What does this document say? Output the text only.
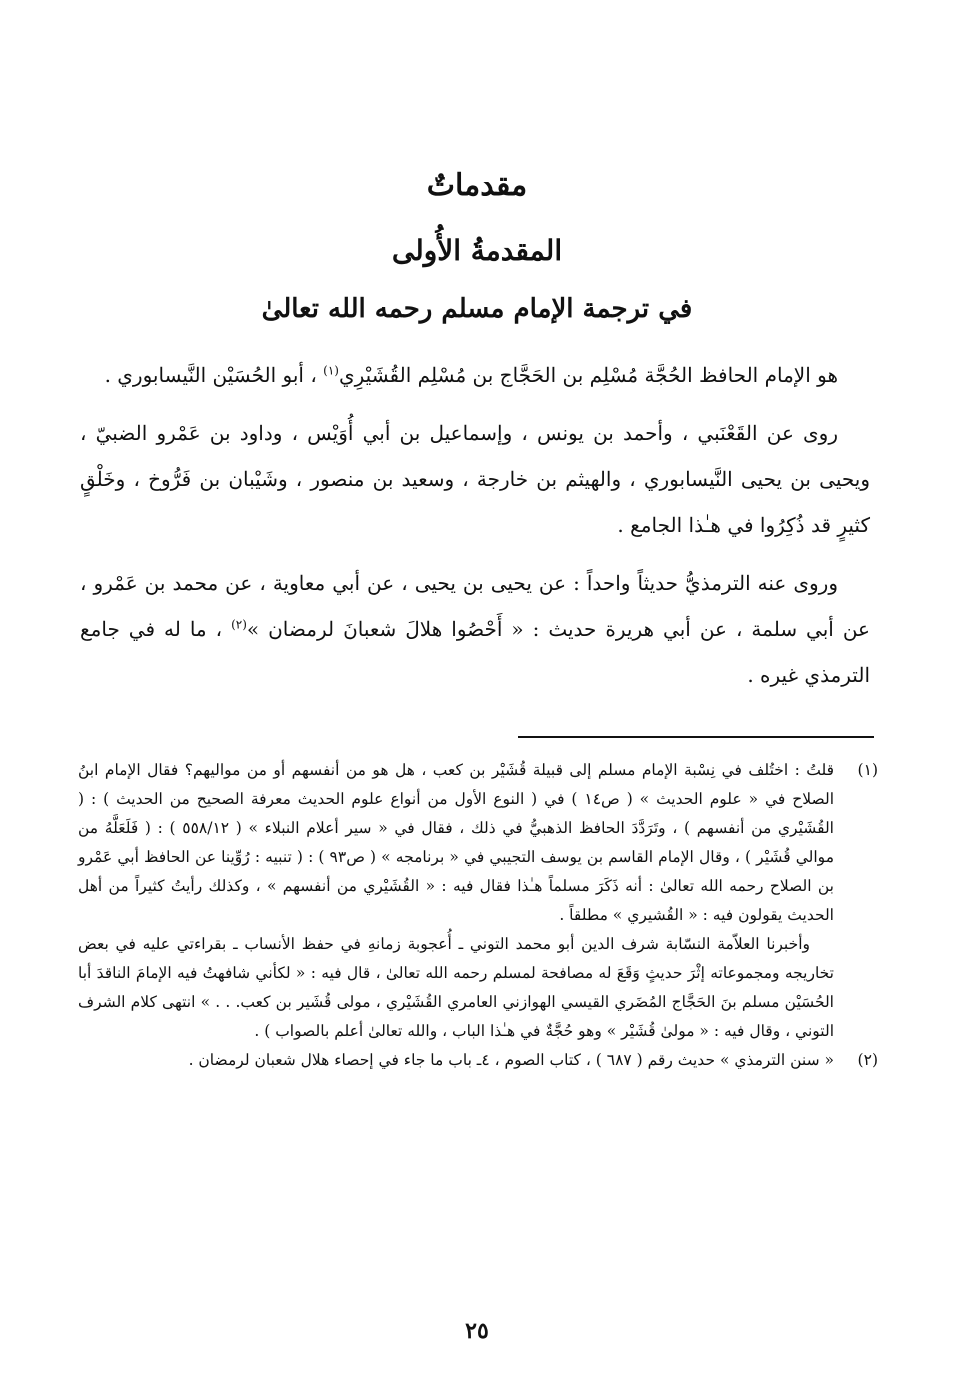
مقدماتٌ
المقدمةُ الأُولى
في ترجمة الإمام مسلم رحمه الله تعالىٰ

هو الإمام الحافظ الحُجَّة مُسْلِم بن الحَجَّاج بن مُسْلِم القُشَيْرِي$^{(١)}$ ، أبو الحُسَيْن النَّيسابوري .

روى عن القَعْنَبي ، وأحمد بن يونس ، وإسماعيل بن أبي أُوَيْس ، وداود بن عَمْرو الضبيّ ، ويحيى بن يحيى النَّيسابوري ، والهيثم بن خارجة ، وسعيد بن منصور ، وشَيْبان بن فَرُّوخ ، وخَلْقٍ كثيرٍ قد ذُكِرُوا في هـٰذا الجامع .

وروى عنه الترمذيُّ حديثاً واحداً : عن يحيى بن يحيى ، عن أبي معاوية ، عن محمد بن عَمْرو ، عن أبي سلمة ، عن أبي هريرة حديث : « أَحْصُوا هلالَ شعبانَ لرمضان »$^{(٢)}$ ، ما له في جامع الترمذي غيره .

(١)

قلتُ : اختُلف في نِسْبة الإمام مسلم إلى قبيلة قُشَيْر بن كعب ، هل هو من أنفسهم أو من مواليهم؟ فقال الإمام ابنُ الصلاح في « علوم الحديث » ( ص١٤ ) في ( النوع الأول من أنواع علوم الحديث معرفة الصحيح من الحديث ) : ( القُشَيْري من أنفسهم ) ، وتَرَدَّدَ الحافظ الذهبيُّ في ذلك ، فقال في « سير أعلام النبلاء » ( ٥٥٨/١٢ ) : ( فَلَعَلَّهُ من موالي قُشَيْر ) ، وقال الإمام القاسم بن يوسف التجيبي في « برنامجه » ( ص٩٣ ) : ( تنبيه : رُوِّينا عن الحافظ أبي عَمْرو بن الصلاح رحمه الله تعالىٰ : أنه ذَكَرَ مسلماً هـٰذا فقال فيه : « القُشَيْري من أنفسهم » ، وكذلك رأيتُ كثيراً من أهل الحديث يقولون فيه : « القُشيري » مطلقاً .

وأخبرنا العلاّمة النسّابة شرف الدين أبو محمد التوني ـ أُعجوبة زمانهِ في حفظ الأنساب ـ بقراءتي عليه في بعض تخاريجه ومجموعاته إثْرَ حديثٍ وَقَعَ له مصافحة لمسلم رحمه الله تعالىٰ ، قال فيه : « لكأني شافهتُ فيه الإمامَ الناقدَ أبا الحُسَيْن مسلم بنَ الحَجَّاج المُضَري القيسي الهوازني العامري القُشَيْري ، مولى قُشَير بن كعب. . . » انتهى كلام الشرف التوني ، وقال فيه : « مولىٰ قُشَيْر » وهو حُجَّةٌ في هـٰذا الباب ، والله تعالىٰ أعلم بالصواب ) .

(٢)

« سنن الترمذي » حديث رقم ( ٦٨٧ ) ، كتاب الصوم ، ٤ـ باب ما جاء في إحصاء هلال شعبان لرمضان .

٢٥
